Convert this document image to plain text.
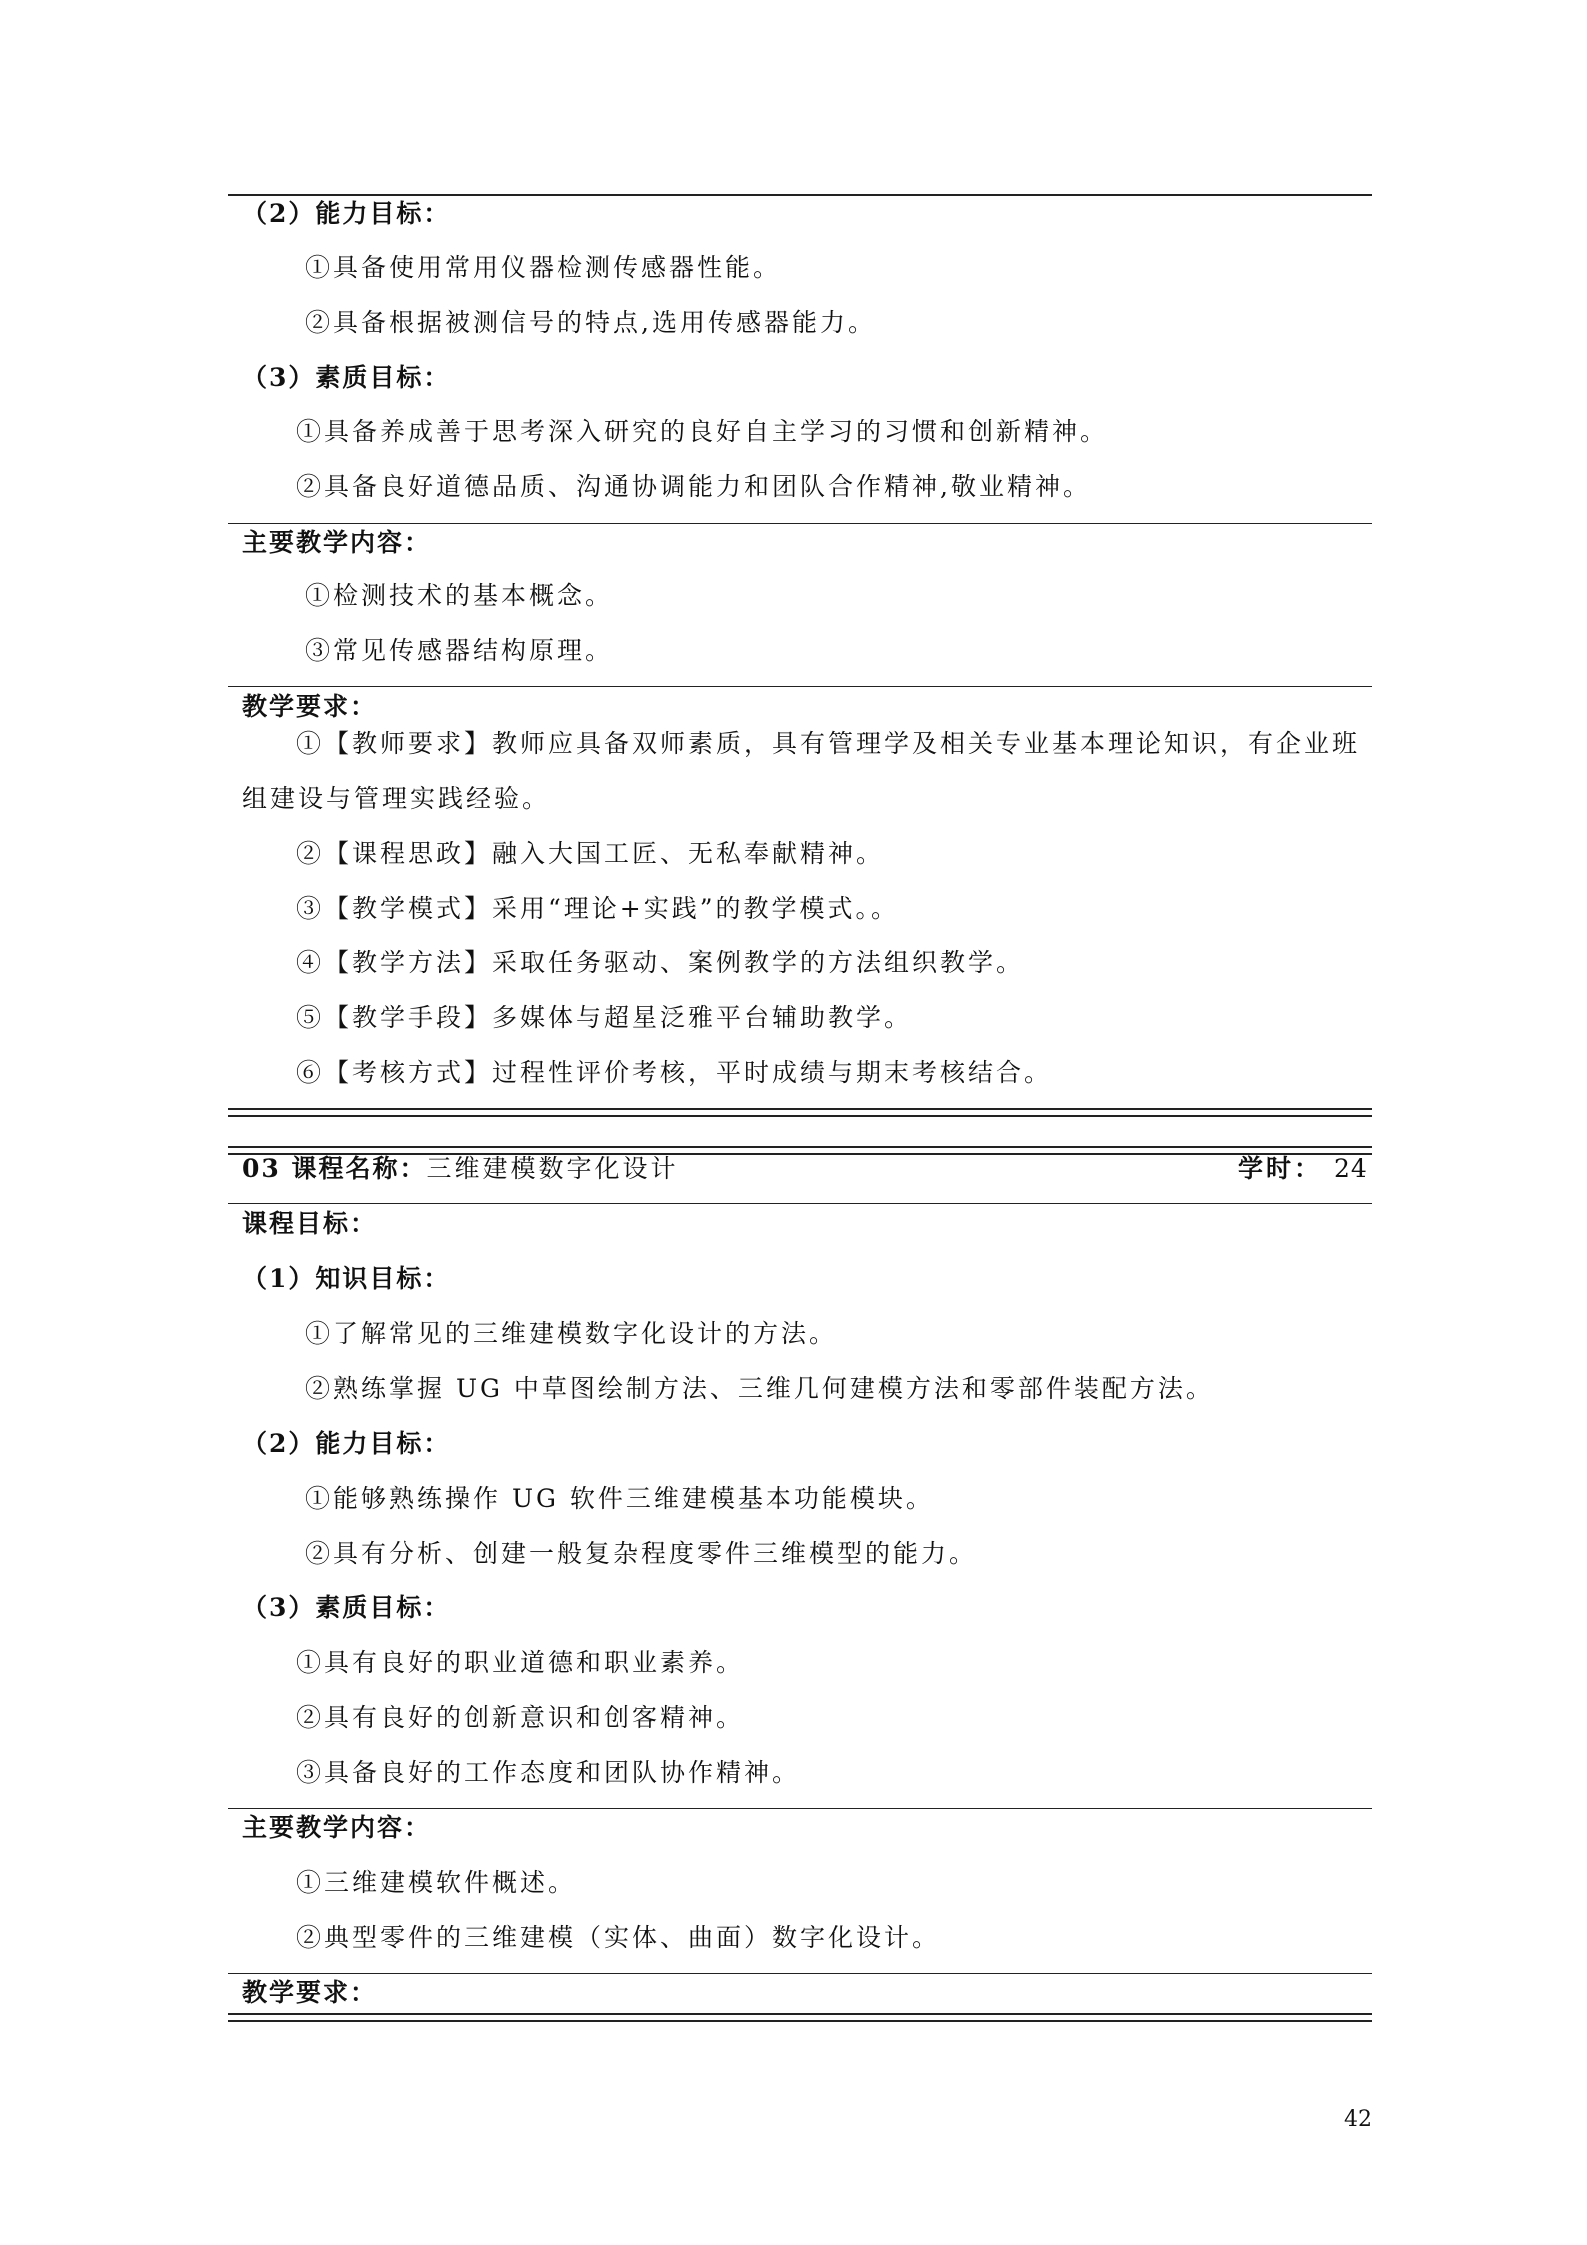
（2）能力目标：
①具备使用常用仪器检测传感器性能。
②具备根据被测信号的特点,选用传感器能力。
（3）素质目标：
①具备养成善于思考深入研究的良好自主学习的习惯和创新精神。
②具备良好道德品质、沟通协调能力和团队合作精神,敬业精神。
主要教学内容：
①检测技术的基本概念。
③常见传感器结构原理。
教学要求：
①【教师要求】教师应具备双师素质，具有管理学及相关专业基本理论知识，有企业班
组建设与管理实践经验。
②【课程思政】融入大国工匠、无私奉献精神。
③【教学模式】采用“理论+实践”的教学模式。。
④【教学方法】采取任务驱动、案例教学的方法组织教学。
⑤【教学手段】多媒体与超星泛雅平台辅助教学。
⑥【考核方式】过程性评价考核，平时成绩与期末考核结合。
03 课程名称：三维建模数字化设计	学时： 24
课程目标：
（1）知识目标：
①了解常见的三维建模数字化设计的方法。
②熟练掌握 UG 中草图绘制方法、三维几何建模方法和零部件装配方法。
（2）能力目标：
①能够熟练操作 UG 软件三维建模基本功能模块。
②具有分析、创建一般复杂程度零件三维模型的能力。
（3）素质目标：
①具有良好的职业道德和职业素养。
②具有良好的创新意识和创客精神。
③具备良好的工作态度和团队协作精神。
主要教学内容：
①三维建模软件概述。
②典型零件的三维建模（实体、曲面）数字化设计。
教学要求：
42
